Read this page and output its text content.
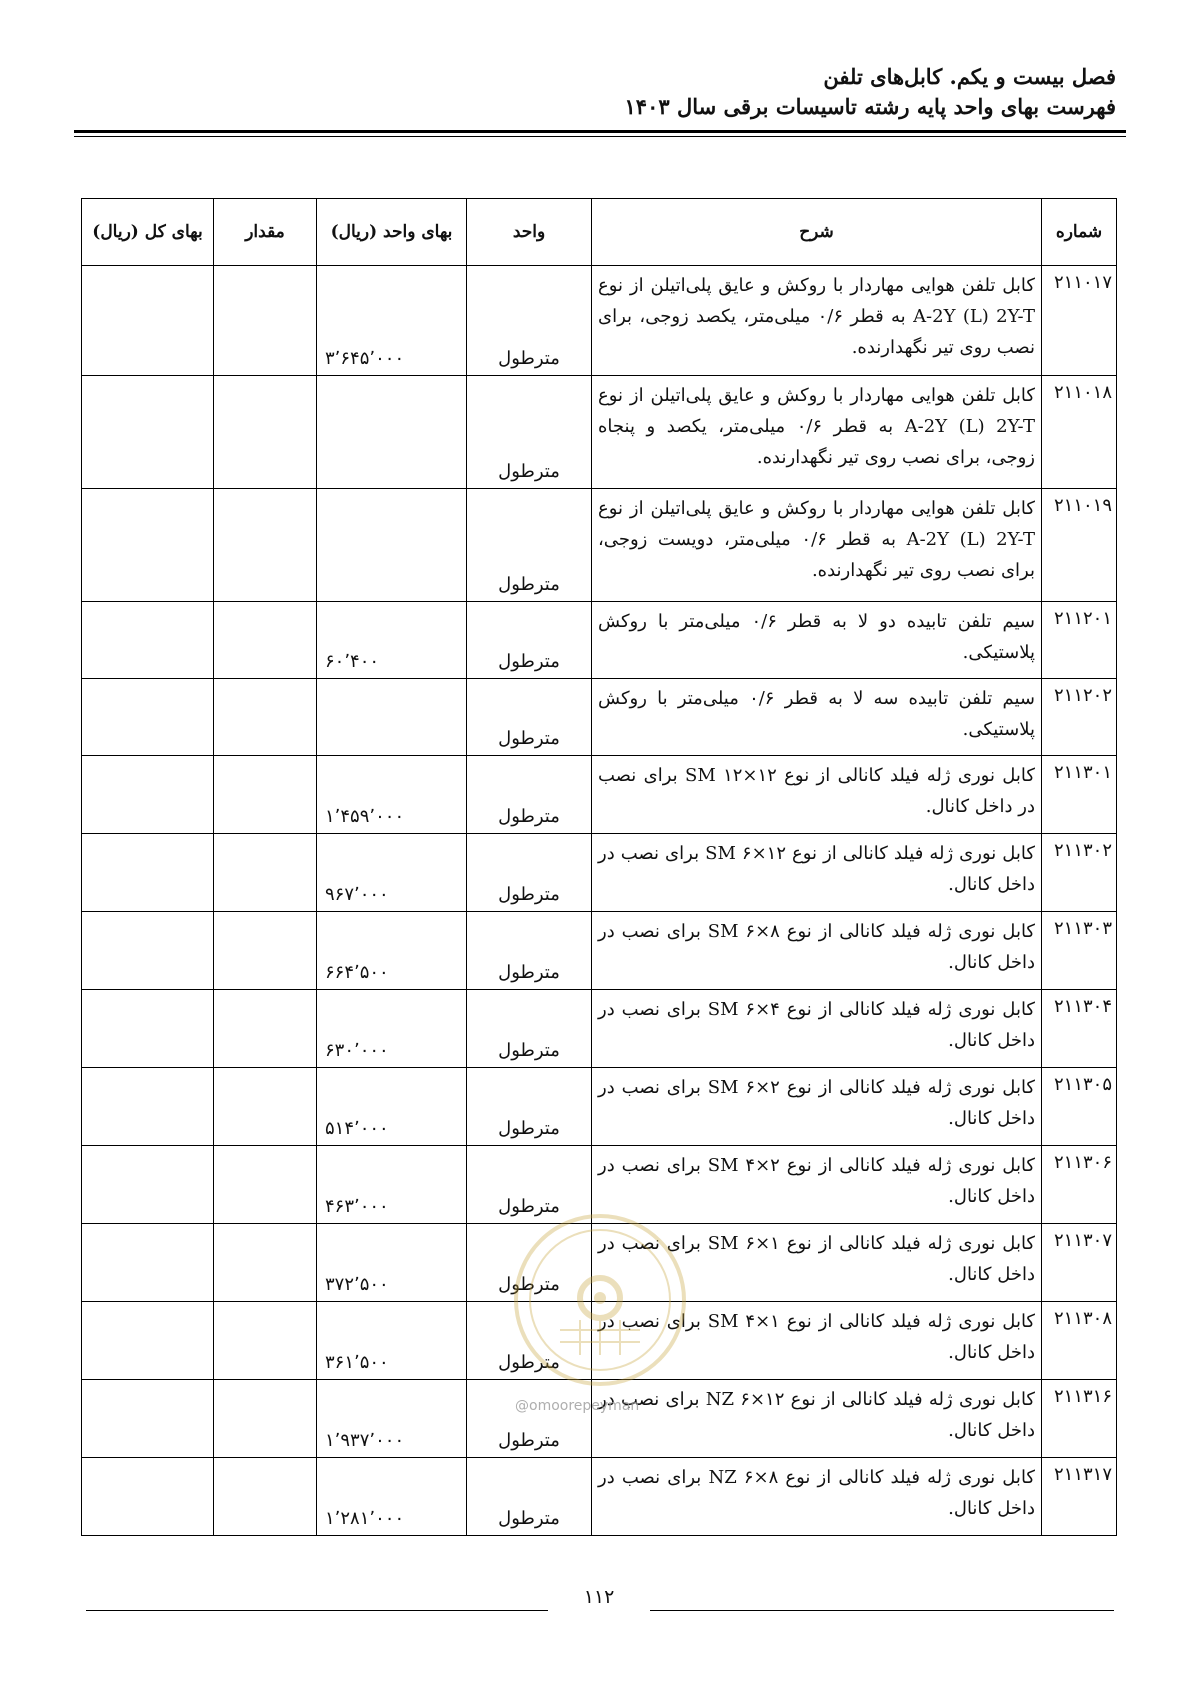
فصل بیست و یکم. کابل‌های تلفن
فهرست بهای واحد پایه رشته تاسیسات برقی سال ۱۴۰۳
شماره	شرح	واحد	بهای واحد (ریال)	مقدار	بهای کل (ریال)
۲۱۱۰۱۷	کابل تلفن هوایی مهاردار با روکش و عایق پلی‌اتیلن از نوع A-2Y (L) 2Y-T به قطر ۰/۶ میلی‌متر، یکصد زوجی، برای نصب روی تیر نگهدارنده.	مترطول	۳٬۶۴۵٬۰۰۰		
۲۱۱۰۱۸	کابل تلفن هوایی مهاردار با روکش و عایق پلی‌اتیلن از نوع A-2Y (L) 2Y-T به قطر ۰/۶ میلی‌متر، یکصد و پنجاه زوجی، برای نصب روی تیر نگهدارنده.	مترطول			
۲۱۱۰۱۹	کابل تلفن هوایی مهاردار با روکش و عایق پلی‌اتیلن از نوع A-2Y (L) 2Y-T به قطر ۰/۶ میلی‌متر، دویست زوجی، برای نصب روی تیر نگهدارنده.	مترطول			
۲۱۱۲۰۱	سیم تلفن تابیده دو لا به قطر ۰/۶ میلی‌متر با روکش پلاستیکی.	مترطول	۶۰٬۴۰۰		
۲۱۱۲۰۲	سیم تلفن تابیده سه لا به قطر ۰/۶ میلی‌متر با روکش پلاستیکی.	مترطول			
۲۱۱۳۰۱	کابل نوری ژله فیلد کانالی از نوع SM ۱۲×۱۲ برای نصب در داخل کانال.	مترطول	۱٬۴۵۹٬۰۰۰		
۲۱۱۳۰۲	کابل نوری ژله فیلد کانالی از نوع SM ۶×۱۲ برای نصب در داخل کانال.	مترطول	۹۶۷٬۰۰۰		
۲۱۱۳۰۳	کابل نوری ژله فیلد کانالی از نوع SM ۶×۸ برای نصب در داخل کانال.	مترطول	۶۶۴٬۵۰۰		
۲۱۱۳۰۴	کابل نوری ژله فیلد کانالی از نوع SM ۶×۴ برای نصب در داخل کانال.	مترطول	۶۳۰٬۰۰۰		
۲۱۱۳۰۵	کابل نوری ژله فیلد کانالی از نوع SM ۶×۲ برای نصب در داخل کانال.	مترطول	۵۱۴٬۰۰۰		
۲۱۱۳۰۶	کابل نوری ژله فیلد کانالی از نوع SM ۴×۲ برای نصب در داخل کانال.	مترطول	۴۶۳٬۰۰۰		
۲۱۱۳۰۷	کابل نوری ژله فیلد کانالی از نوع SM ۶×۱ برای نصب در داخل کانال.	مترطول	۳۷۲٬۵۰۰		
۲۱۱۳۰۸	کابل نوری ژله فیلد کانالی از نوع SM ۴×۱ برای نصب در داخل کانال.	مترطول	۳۶۱٬۵۰۰		
۲۱۱۳۱۶	کابل نوری ژله فیلد کانالی از نوع NZ ۶×۱۲ برای نصب در داخل کانال.	مترطول	۱٬۹۳۷٬۰۰۰		
۲۱۱۳۱۷	کابل نوری ژله فیلد کانالی از نوع NZ ۶×۸ برای نصب در داخل کانال.	مترطول	۱٬۲۸۱٬۰۰۰		
@omoorepeyman
۱۱۲
